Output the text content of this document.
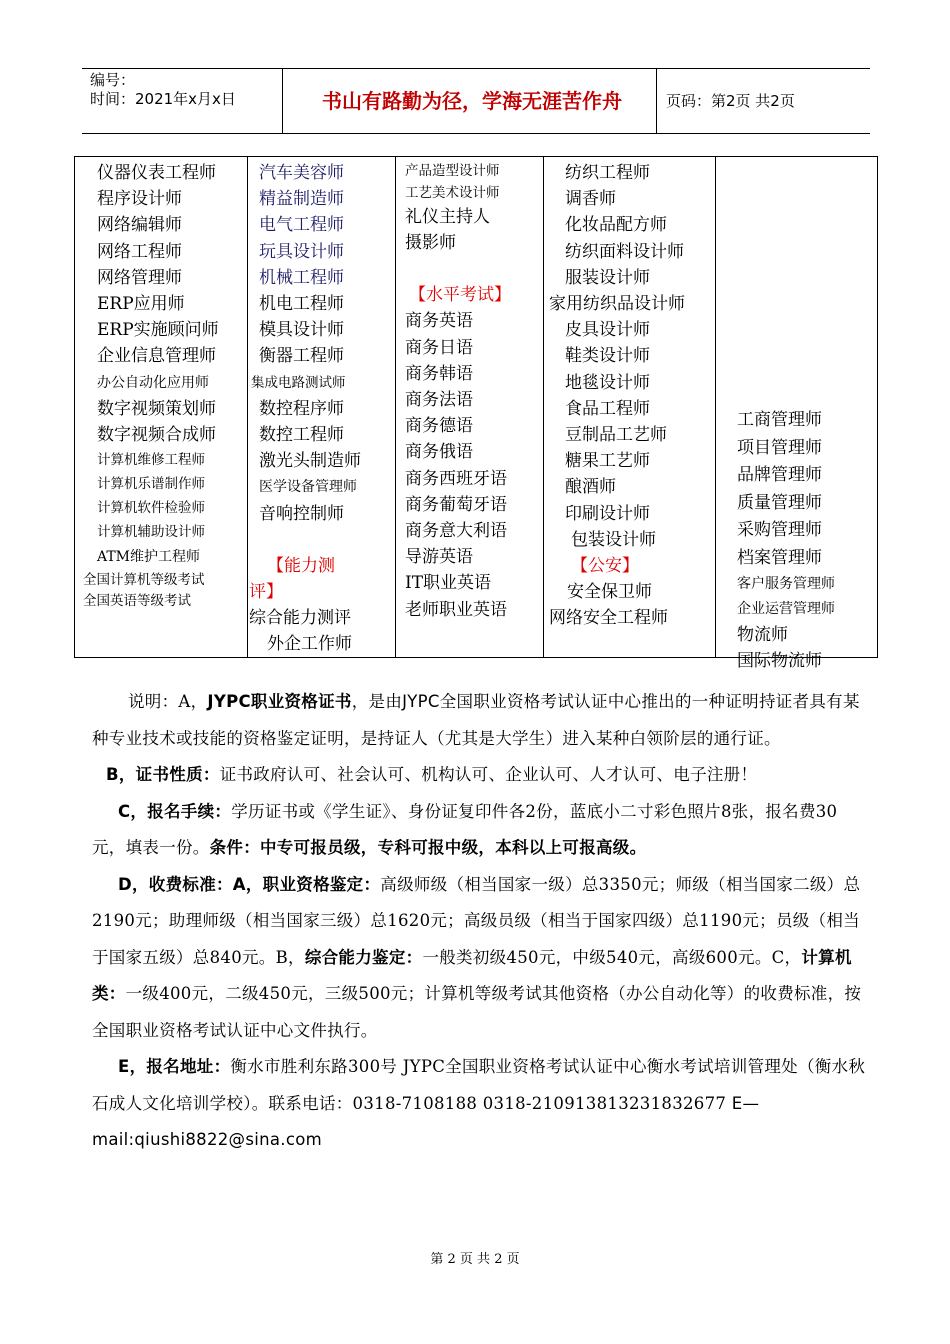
编号：
时间：2021年x月x日	书山有路勤为径，学海无涯苦作舟	页码：第2页 共2页
仪器仪表工程师
程序设计师
网络编辑师
网络工程师
网络管理师
ERP应用师
ERP实施顾问师
企业信息管理师
办公自动化应用师
数字视频策划师
数字视频合成师
计算机维修工程师
计算机乐谱制作师
计算机软件检验师
计算机辅助设计师
ATM维护工程师
全国计算机等级考试
全国英语等级考试
汽车美容师
精益制造师
电气工程师
玩具设计师
机械工程师
机电工程师
模具设计师
衡器工程师
集成电路测试师
数控程序师
数控工程师
激光头制造师
医学设备管理师
音响控制师
【能力测
评】
综合能力测评
外企工作师
产品造型设计师
工艺美术设计师
礼仪主持人
摄影师
【水平考试】
商务英语
商务日语
商务韩语
商务法语
商务德语
商务俄语
商务西班牙语
商务葡萄牙语
商务意大利语
导游英语
IT职业英语
老师职业英语
纺织工程师
调香师
化妆品配方师
纺织面料设计师
服装设计师
家用纺织品设计师
皮具设计师
鞋类设计师
地毯设计师
食品工程师
豆制品工艺师
糖果工艺师
酿酒师
印刷设计师
包装设计师
【公安】
安全保卫师
网络安全工程师
工商管理师
项目管理师
品牌管理师
质量管理师
采购管理师
档案管理师
客户服务管理师
企业运营管理师
物流师
国际物流师

说明：A，JYPC职业资格证书，是由JYPC全国职业资格考试认证中心推出的一种证明持证者具有某种专业技术或技能的资格鉴定证明，是持证人（尤其是大学生）进入某种白领阶层的通行证。

B，证书性质：证书政府认可、社会认可、机构认可、企业认可、人才认可、电子注册！

C，报名手续：学历证书或《学生证》、身份证复印件各2份，蓝底小二寸彩色照片8张，报名费30元，填表一份。条件：中专可报员级，专科可报中级，本科以上可报高级。

D，收费标准：A，职业资格鉴定：高级师级（相当国家一级）总3350元；师级（相当国家二级）总2190元；助理师级（相当国家三级）总1620元；高级员级（相当于国家四级）总1190元；员级（相当于国家五级）总840元。B，综合能力鉴定：一般类初级450元，中级540元，高级600元。C，计算机类：一级400元，二级450元，三级500元；计算机等级考试其他资格（办公自动化等）的收费标准，按全国职业资格考试认证中心文件执行。

E，报名地址：衡水市胜利东路300号 JYPC全国职业资格考试认证中心衡水考试培训管理处（衡水秋石成人文化培训学校）。联系电话：0318-7108188 0318-210913813231832677 E—mail:qiushi8822@sina.com

第 2 页 共 2 页
